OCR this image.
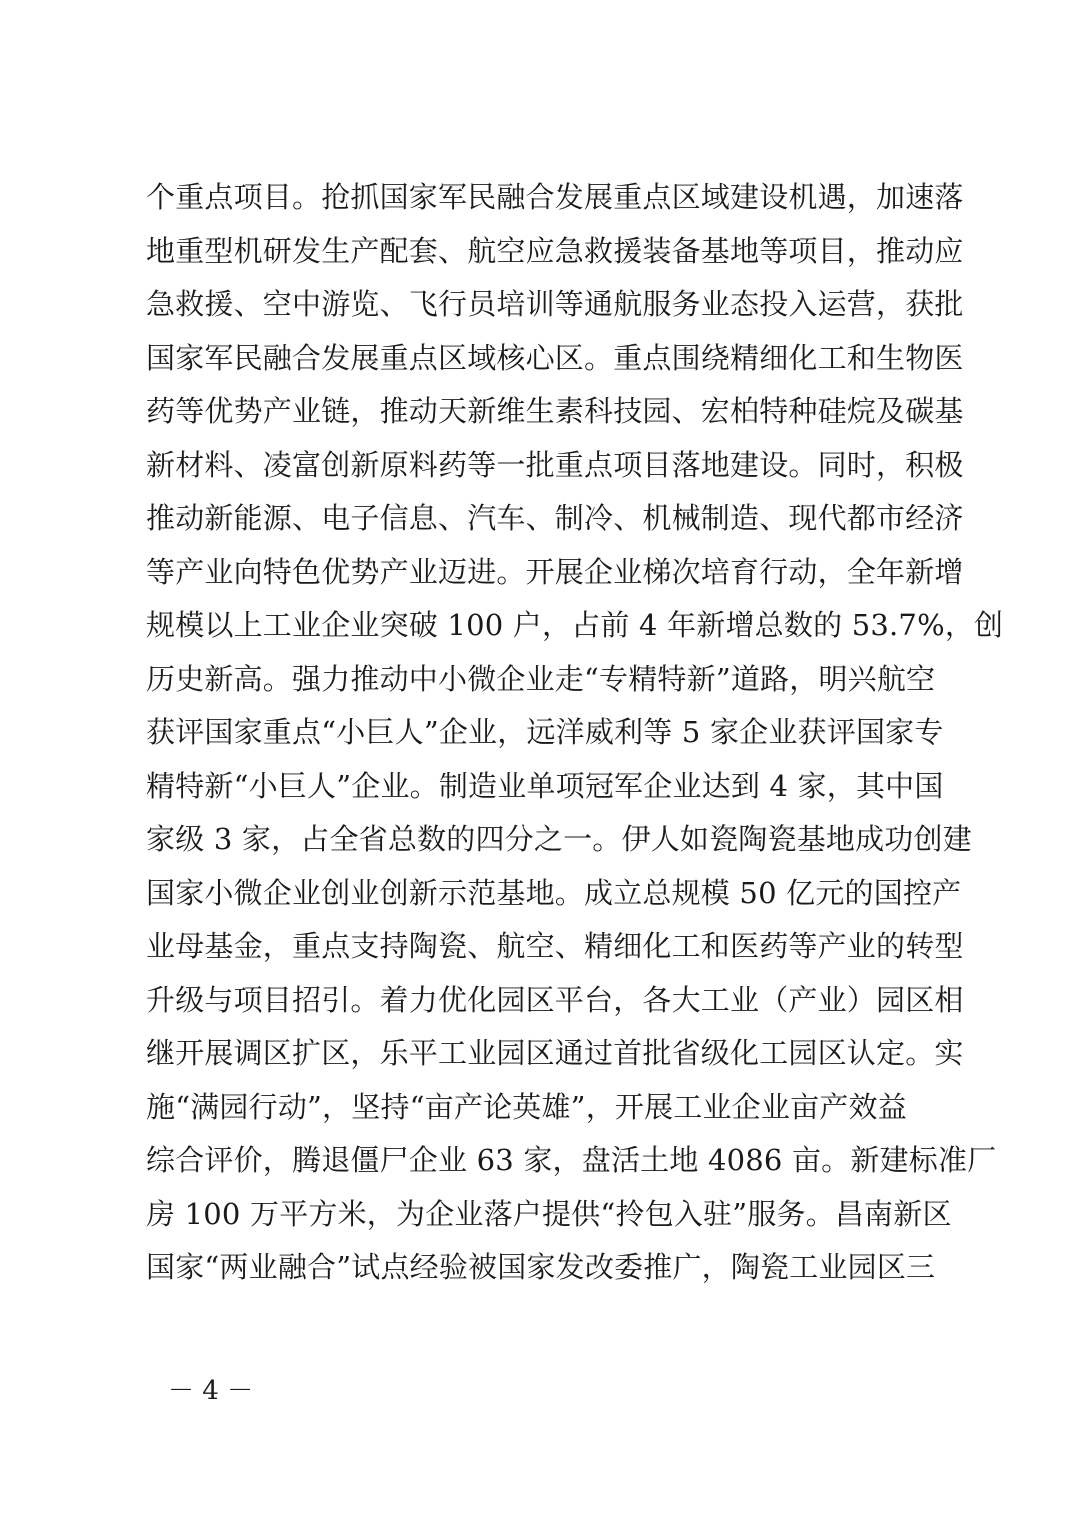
个重点项目。抢抓国家军民融合发展重点区域建设机遇，加速落
地重型机研发生产配套、航空应急救援装备基地等项目，推动应
急救援、空中游览、飞行员培训等通航服务业态投入运营，获批
国家军民融合发展重点区域核心区。重点围绕精细化工和生物医
药等优势产业链，推动天新维生素科技园、宏柏特种硅烷及碳基
新材料、凌富创新原料药等一批重点项目落地建设。同时，积极
推动新能源、电子信息、汽车、制冷、机械制造、现代都市经济
等产业向特色优势产业迈进。开展企业梯次培育行动，全年新增
规模以上工业企业突破 100 户，占前 4 年新增总数的 53.7%，创
历史新高。强力推动中小微企业走“专精特新”道路，明兴航空
获评国家重点“小巨人”企业，远洋威利等 5 家企业获评国家专
精特新“小巨人”企业。制造业单项冠军企业达到 4 家，其中国
家级 3 家，占全省总数的四分之一。伊人如瓷陶瓷基地成功创建
国家小微企业创业创新示范基地。成立总规模 50 亿元的国控产
业母基金，重点支持陶瓷、航空、精细化工和医药等产业的转型
升级与项目招引。着力优化园区平台，各大工业（产业）园区相
继开展调区扩区，乐平工业园区通过首批省级化工园区认定。实
施“满园行动”，坚持“亩产论英雄”，开展工业企业亩产效益
综合评价，腾退僵尸企业 63 家，盘活土地 4086 亩。新建标准厂
房 100 万平方米，为企业落户提供“拎包入驻”服务。昌南新区
国家“两业融合”试点经验被国家发改委推广，陶瓷工业园区三
－ 4 －
